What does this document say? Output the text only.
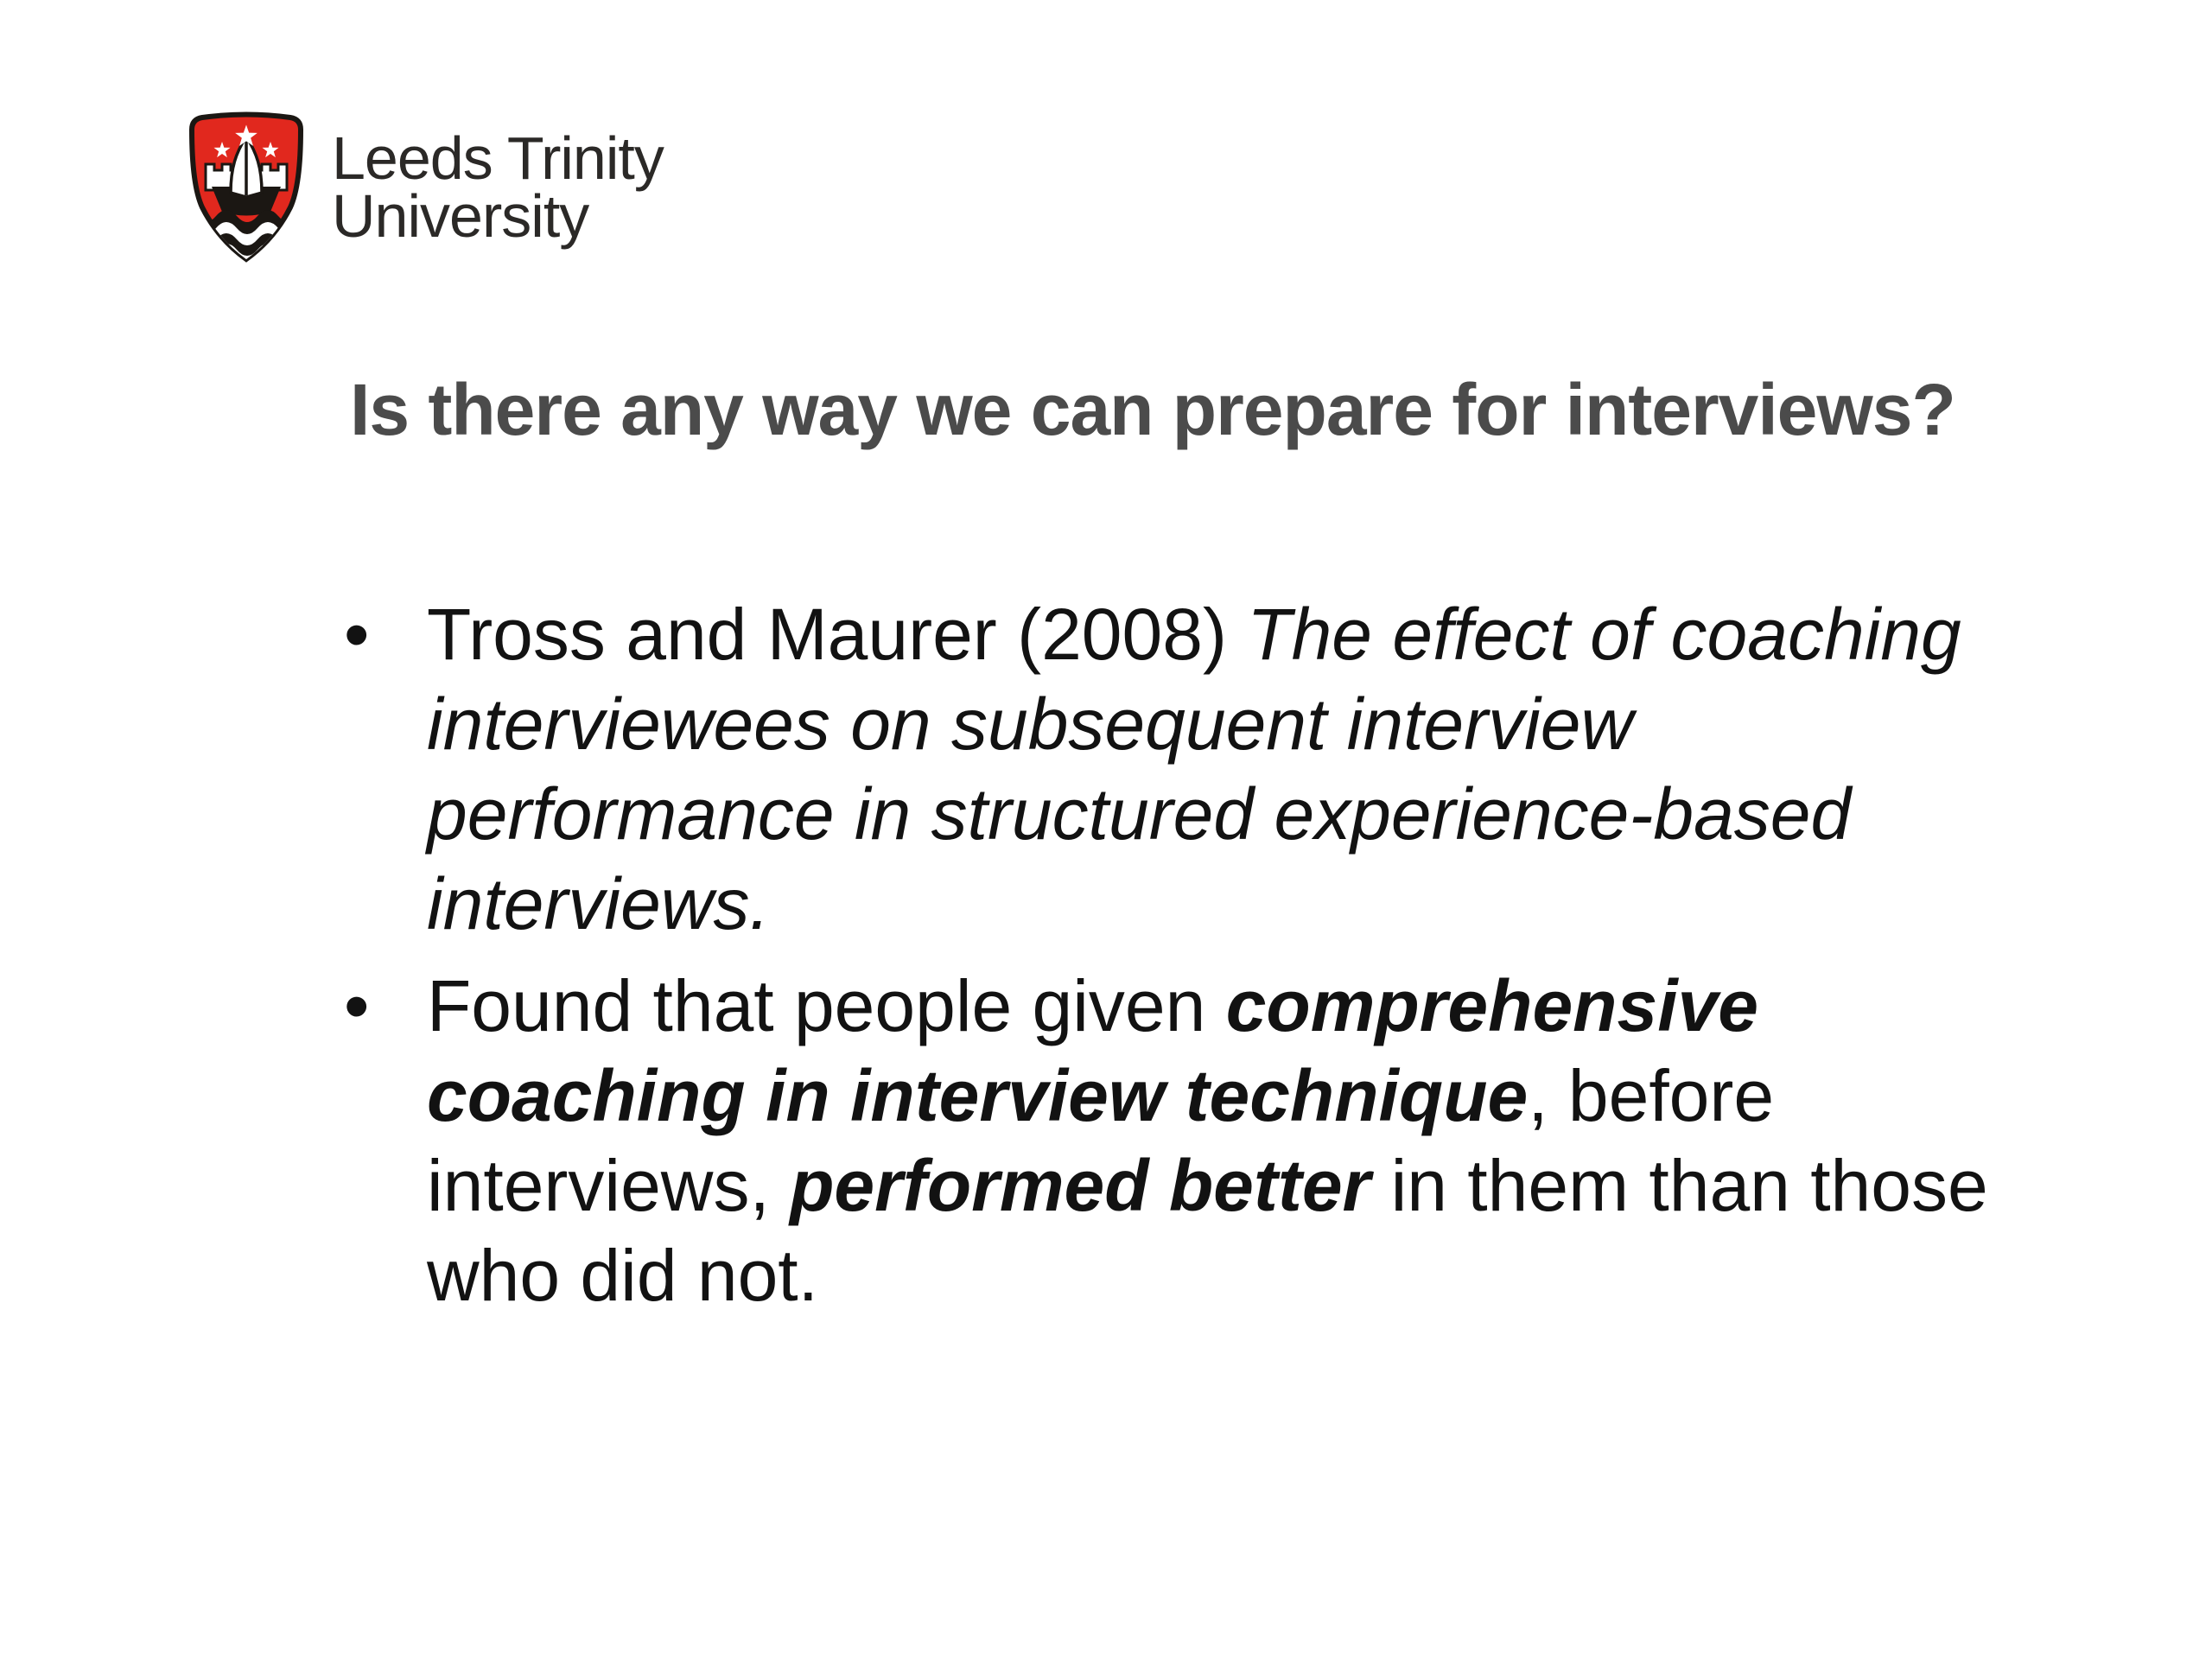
Leeds Trinity
University
Is there any way we can prepare for interviews?
• Tross and Maurer (2008) The effect of coaching
interviewees on subsequent interview
performance in structured experience-based
interviews.
• Found that people given comprehensive
coaching in interview technique, before
interviews, performed better in them than those
who did not.
